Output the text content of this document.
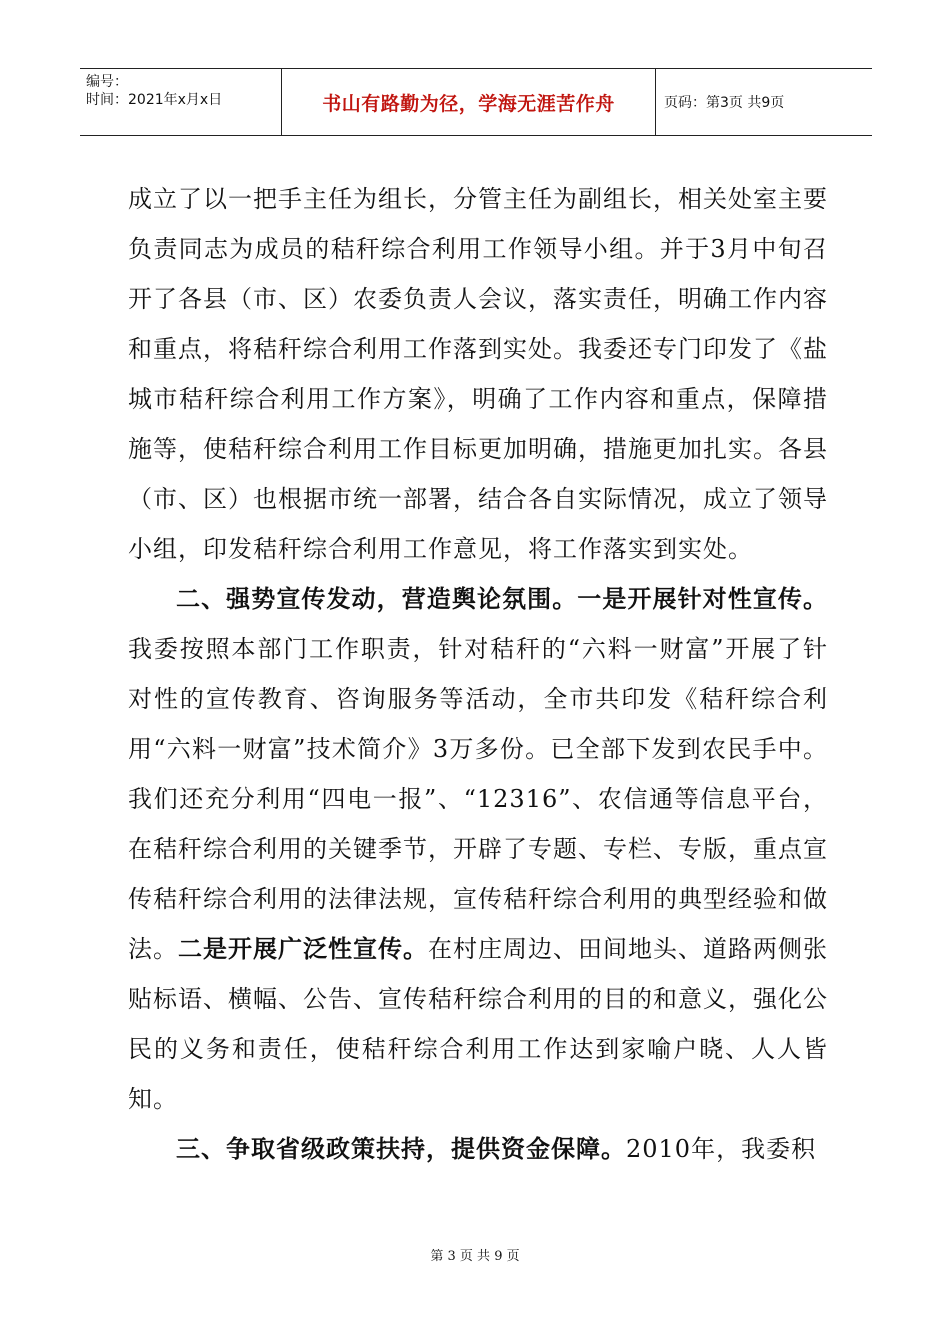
编号：
时间：2021年x月x日	书山有路勤为径，学海无涯苦作舟	页码：第3页 共9页

成立了以一把手主任为组长，分管主任为副组长，相关处室主要负责同志为成员的秸秆综合利用工作领导小组。并于3月中旬召开了各县（市、区）农委负责人会议，落实责任，明确工作内容和重点，将秸秆综合利用工作落到实处。我委还专门印发了《盐城市秸秆综合利用工作方案》，明确了工作内容和重点，保障措施等，使秸秆综合利用工作目标更加明确，措施更加扎实。各县（市、区）也根据市统一部署，结合各自实际情况，成立了领导小组，印发秸秆综合利用工作意见，将工作落实到实处。

二、强势宣传发动，营造舆论氛围。一是开展针对性宣传。我委按照本部门工作职责，针对秸秆的“六料一财富”开展了针对性的宣传教育、咨询服务等活动，全市共印发《秸秆综合利用“六料一财富”技术简介》3万多份。已全部下发到农民手中。我们还充分利用“四电一报”、“12316”、农信通等信息平台，在秸秆综合利用的关键季节，开辟了专题、专栏、专版，重点宣传秸秆综合利用的法律法规，宣传秸秆综合利用的典型经验和做法。二是开展广泛性宣传。在村庄周边、田间地头、道路两侧张贴标语、横幅、公告、宣传秸秆综合利用的目的和意义，强化公民的义务和责任，使秸秆综合利用工作达到家喻户晓、人人皆知。

三、争取省级政策扶持，提供资金保障。2010年，我委积

第 3 页 共 9 页
